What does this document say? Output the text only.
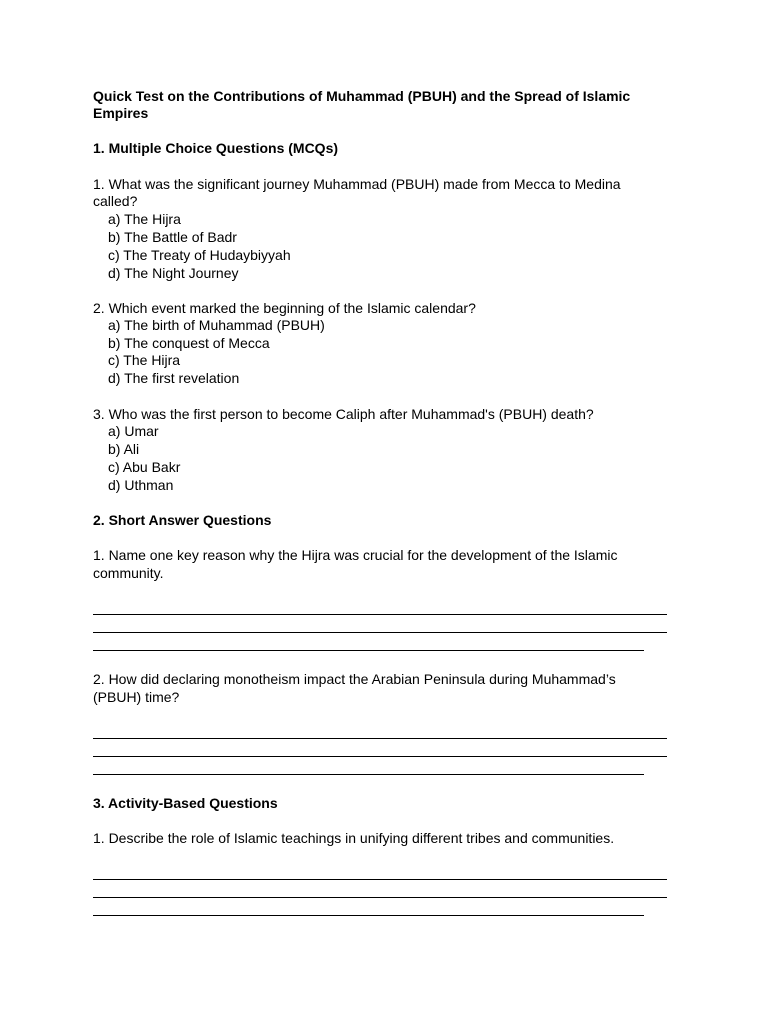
Quick Test on the Contributions of Muhammad (PBUH) and the Spread of Islamic
Empires
1. Multiple Choice Questions (MCQs)
1. What was the significant journey Muhammad (PBUH) made from Mecca to Medina
called?
a) The Hijra
b) The Battle of Badr
c) The Treaty of Hudaybiyyah
d) The Night Journey
2. Which event marked the beginning of the Islamic calendar?
a) The birth of Muhammad (PBUH)
b) The conquest of Mecca
c) The Hijra
d) The first revelation
3. Who was the first person to become Caliph after Muhammad's (PBUH) death?
a) Umar
b) Ali
c) Abu Bakr
d) Uthman
2. Short Answer Questions
1. Name one key reason why the Hijra was crucial for the development of the Islamic
community.
2. How did declaring monotheism impact the Arabian Peninsula during Muhammad’s
(PBUH) time?
3. Activity-Based Questions
1. Describe the role of Islamic teachings in unifying different tribes and communities.
